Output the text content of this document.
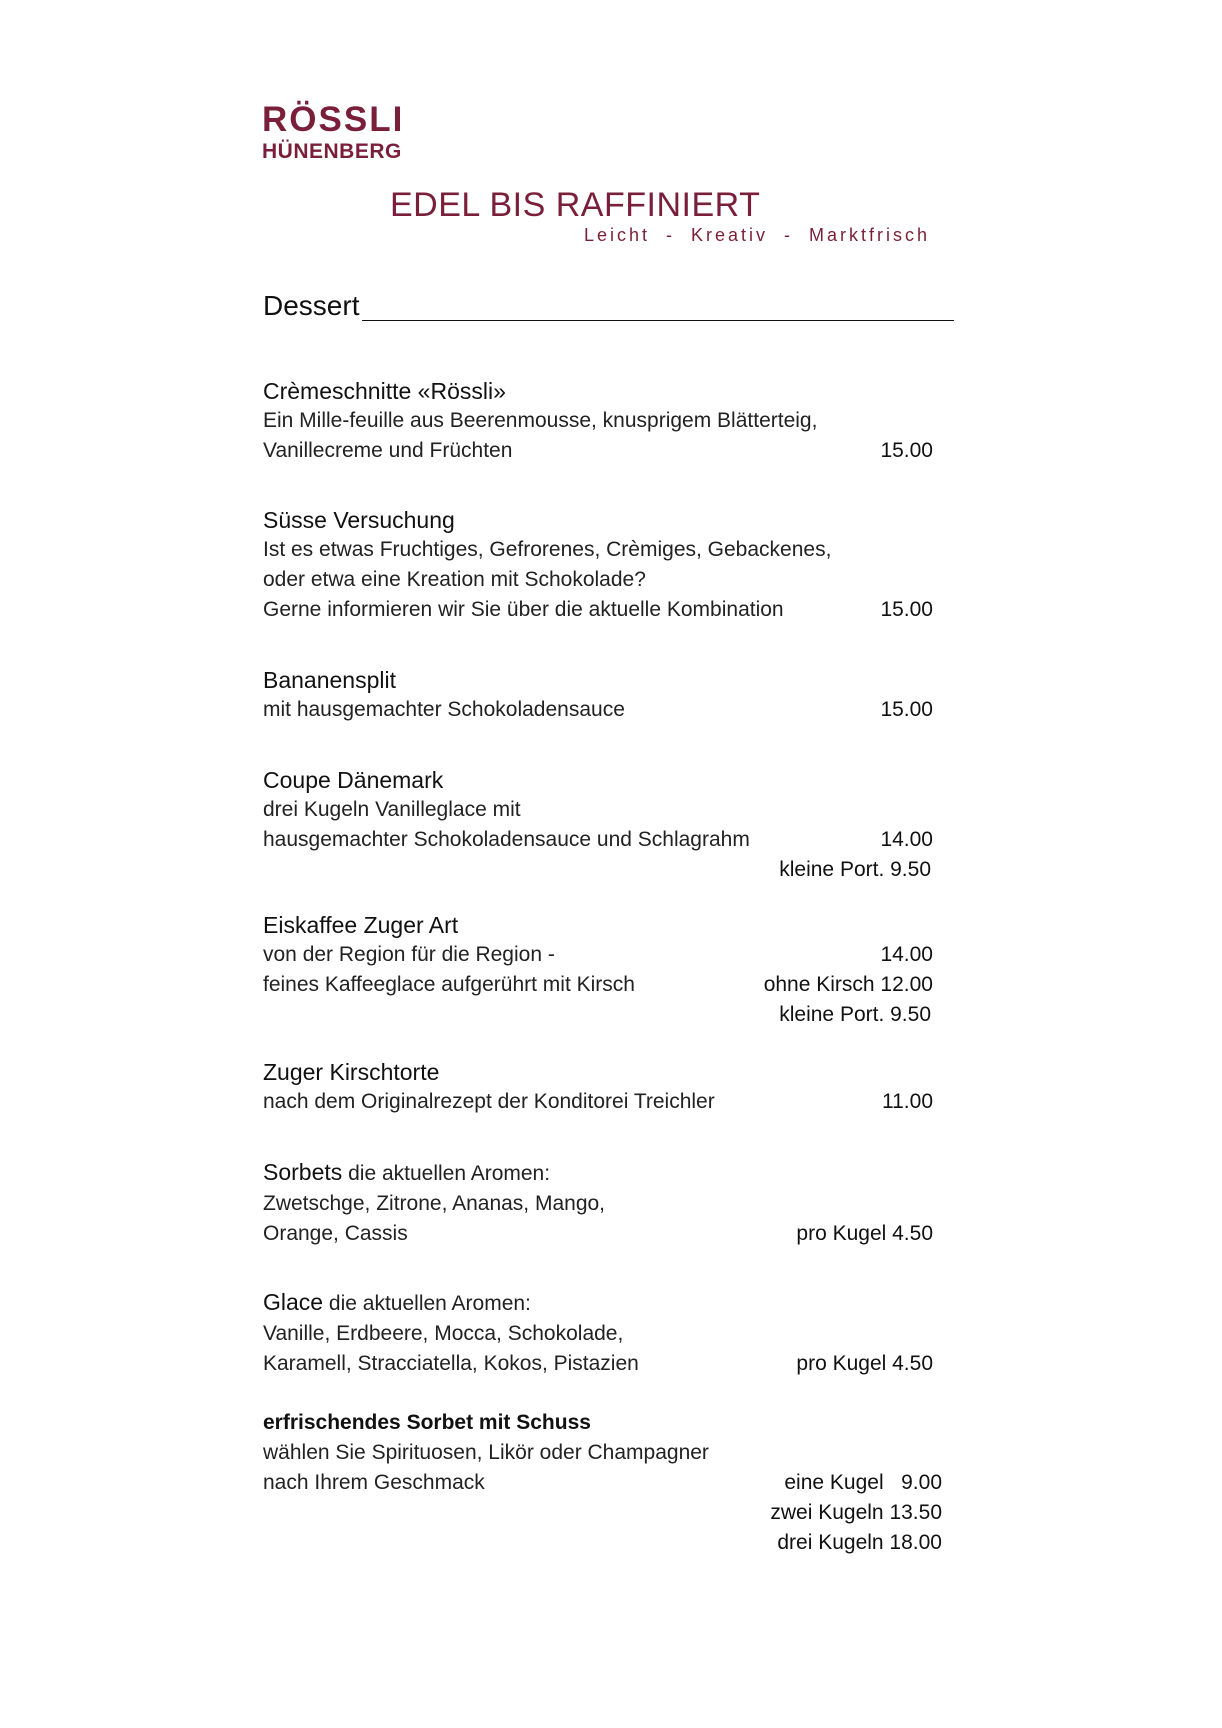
RÖSSLI
HÜNENBERG
EDEL BIS RAFFINIERT
Leicht  -  Kreativ  -  Marktfrisch
Dessert
Crèmeschnitte «Rössli»
Ein Mille-feuille aus Beerenmousse, knusprigem Blätterteig,
Vanillecreme und Früchten	15.00
Süsse Versuchung
Ist es etwas Fruchtiges, Gefrorenes, Crèmiges, Gebackenes,
oder etwa eine Kreation mit Schokolade?
Gerne informieren wir Sie über die aktuelle Kombination	15.00
Bananensplit
mit hausgemachter Schokoladensauce	15.00
Coupe Dänemark
drei Kugeln Vanilleglace mit
hausgemachter Schokoladensauce und Schlagrahm	14.00
kleine Port. 9.50
Eiskaffee Zuger Art
von der Region für die Region -	14.00
feines Kaffeeglace aufgerührt mit Kirsch	ohne Kirsch 12.00
kleine Port. 9.50
Zuger Kirschtorte
nach dem Originalrezept der Konditorei Treichler	11.00
Sorbets die aktuellen Aromen:
Zwetschge, Zitrone, Ananas, Mango,
Orange, Cassis	pro Kugel 4.50
Glace die aktuellen Aromen:
Vanille, Erdbeere, Mocca, Schokolade,
Karamell, Stracciatella, Kokos, Pistazien	pro Kugel 4.50
erfrischendes Sorbet mit Schuss
wählen Sie Spirituosen, Likör oder Champagner
nach Ihrem Geschmack	eine Kugel   9.00
zwei Kugeln 13.50
drei Kugeln 18.00
